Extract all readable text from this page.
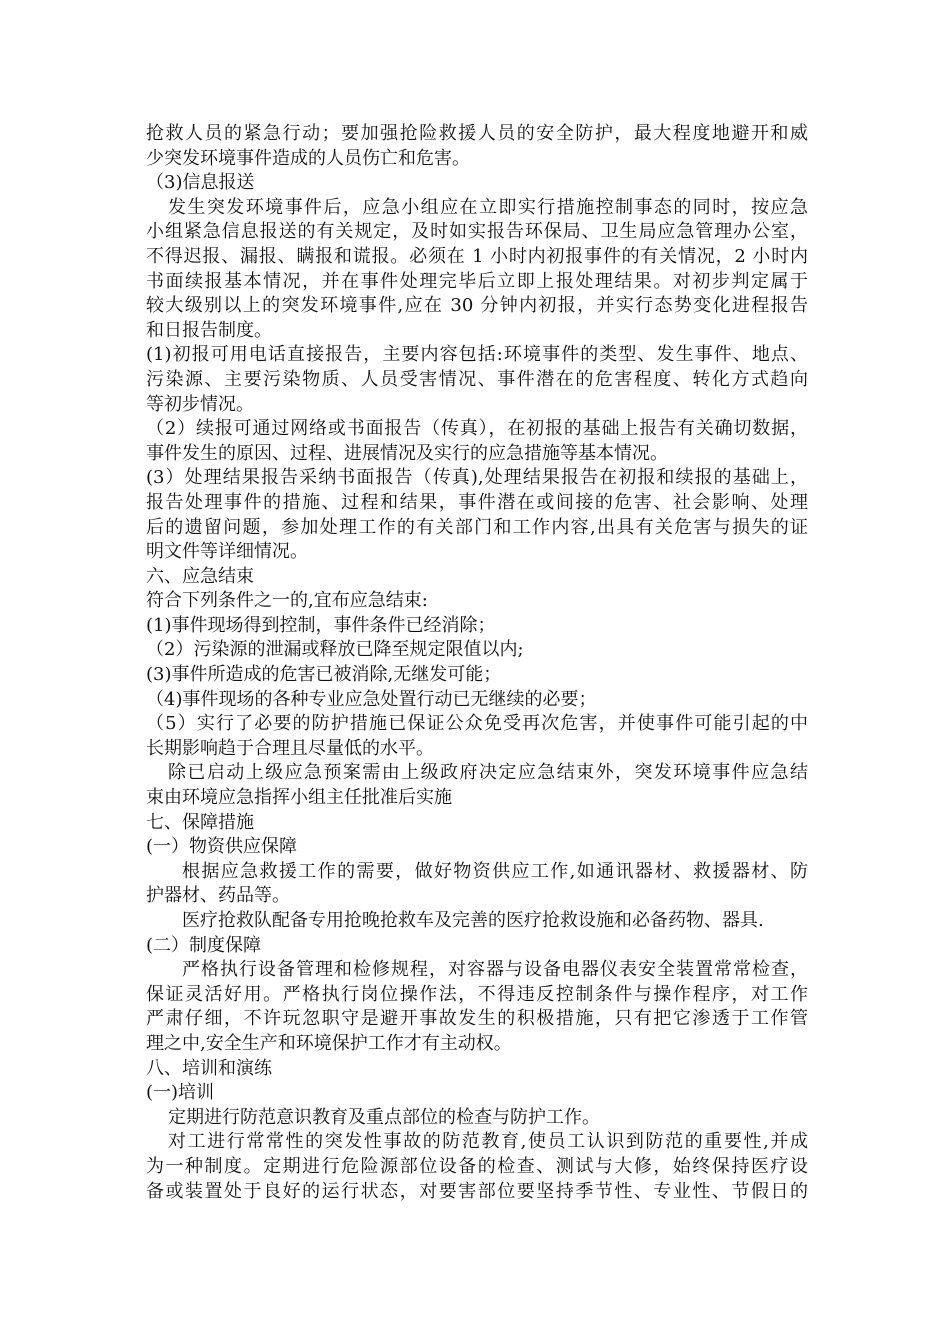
抢救人员的紧急行动；要加强抢险救援人员的安全防护，最大程度地避开和威
少突发环境事件造成的人员伤亡和危害。
（3)信息报送
发生突发环境事件后，应急小组应在立即实行措施控制事态的同时，按应急
小组紧急信息报送的有关规定，及时如实报告环保局、卫生局应急管理办公室，
不得迟报、漏报、瞒报和谎报。必须在 1 小时内初报事件的有关情况，2 小时内
书面续报基本情况，并在事件处理完毕后立即上报处理结果。对初步判定属于
较大级别以上的突发环境事件,应在 30 分钟内初报，并实行态势变化进程报告
和日报告制度。
(1)初报可用电话直接报告，主要内容包括:环境事件的类型、发生事件、地点、
污染源、主要污染物质、人员受害情况、事件潜在的危害程度、转化方式趋向
等初步情况。
（2）续报可通过网络或书面报告（传真），在初报的基础上报告有关确切数据，
事件发生的原因、过程、进展情况及实行的应急措施等基本情况。
(3）处理结果报告采纳书面报告（传真),处理结果报告在初报和续报的基础上，
报告处理事件的措施、过程和结果，事件潜在或间接的危害、社会影响、处理
后的遗留问题，参加处理工作的有关部门和工作内容,出具有关危害与损失的证
明文件等详细情况。
六、应急结束
符合下列条件之一的,宜布应急结束:
(1)事件现场得到控制，事件条件已经消除；
（2）污染源的泄漏或释放已降至规定限值以内;
(3)事件所造成的危害已被消除,无继发可能；
（4)事件现场的各种专业应急处置行动已无继续的必要；
（5）实行了必要的防护措施已保证公众免受再次危害，并使事件可能引起的中
长期影响趋于合理且尽量低的水平。
除已启动上级应急预案需由上级政府决定应急结束外，突发环境事件应急结
束由环境应急指挥小组主任批准后实施
七、保障措施
(一）物资供应保障
根据应急救援工作的需要，做好物资供应工作,如通讯器材、救援器材、防
护器材、药品等。
医疗抢救队配备专用抢晚抢救车及完善的医疗抢救设施和必备药物、器具.
(二）制度保障
严格执行设备管理和检修规程，对容器与设备电器仪表安全装置常常检查，
保证灵活好用。严格执行岗位操作法，不得违反控制条件与操作程序，对工作
严肃仔细，不许玩忽职守是避开事故发生的积极措施，只有把它渗透于工作管
理之中,安全生产和环境保护工作才有主动权。
八、培训和演练
(一)培训
定期进行防范意识教育及重点部位的检查与防护工作。
对工进行常常性的突发性事故的防范教育,使员工认识到防范的重要性,并成
为一种制度。定期进行危险源部位设备的检查、测试与大修，始终保持医疗设
备或装置处于良好的运行状态，对要害部位要坚持季节性、专业性、节假日的
